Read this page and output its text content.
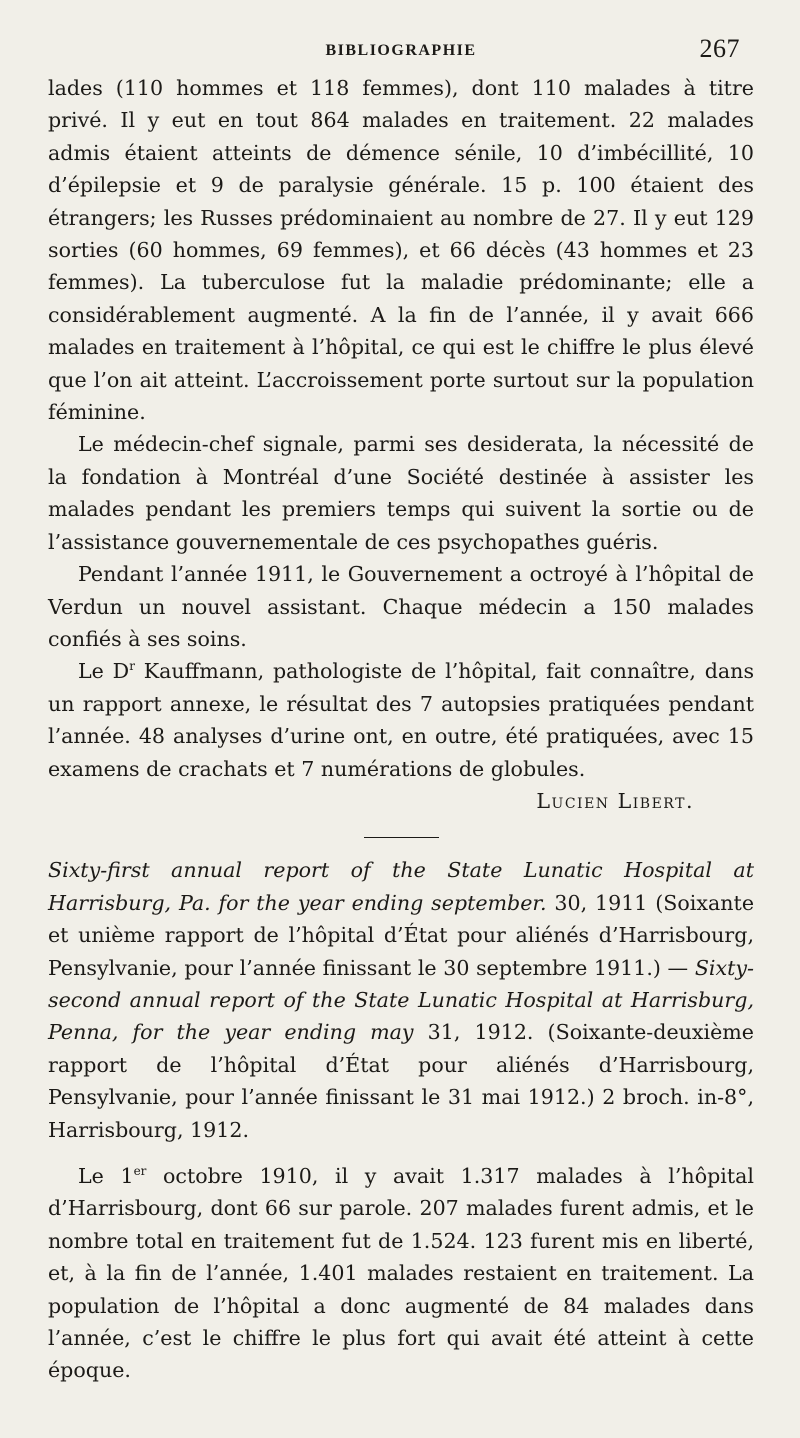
BIBLIOGRAPHIE	267

lades (110 hommes et 118 femmes), dont 110 malades à titre privé. Il y eut en tout 864 malades en traitement. 22 malades admis étaient atteints de démence sénile, 10 d’imbécillité, 10 d’épilepsie et 9 de paralysie générale. 15 p. 100 étaient des étrangers; les Russes prédominaient au nombre de 27. Il y eut 129 sorties (60 hommes, 69 femmes), et 66 décès (43 hommes et 23 femmes). La tuberculose fut la maladie prédominante; elle a considérablement augmenté. A la fin de l’année, il y avait 666 malades en traitement à l’hôpital, ce qui est le chiffre le plus élevé que l’on ait atteint. L’accroissement porte surtout sur la population féminine.

Le médecin-chef signale, parmi ses desiderata, la nécessité de la fondation à Montréal d’une Société destinée à assister les malades pendant les premiers temps qui suivent la sortie ou de l’assistance gouvernementale de ces psychopathes guéris.

Pendant l’année 1911, le Gouvernement a octroyé à l’hôpital de Verdun un nouvel assistant. Chaque médecin a 150 malades confiés à ses soins.

Le $D^r$ Kauffmann, pathologiste de l’hôpital, fait connaître, dans un rapport annexe, le résultat des 7 autopsies pratiquées pendant l’année. 48 analyses d’urine ont, en outre, été pratiquées, avec 15 examens de crachats et 7 numérations de globules.

Lucien Libert.

Sixty-first annual report of the State Lunatic Hospital at Harrisburg, Pa. for the year ending september. 30, 1911 (Soixante et unième rapport de l’hôpital d’État pour aliénés d’Harrisbourg, Pensylvanie, pour l’année finissant le 30 septembre 1911.) — Sixty-second annual report of the State Lunatic Hospital at Harrisburg, Penna, for the year ending may 31, 1912. (Soixante-deuxième rapport de l’hôpital d’État pour aliénés d’Harrisbourg, Pensylvanie, pour l’année finissant le 31 mai 1912.) 2 broch. in-8°, Harrisbourg, 1912.

Le 1er octobre 1910, il y avait 1.317 malades à l’hôpital d’Harrisbourg, dont 66 sur parole. 207 malades furent admis, et le nombre total en traitement fut de 1.524. 123 furent mis en liberté, et, à la fin de l’année, 1.401 malades restaient en traitement. La population de l’hôpital a donc augmenté de 84 malades dans l’année, c’est le chiffre le plus fort qui avait été atteint à cette époque.
